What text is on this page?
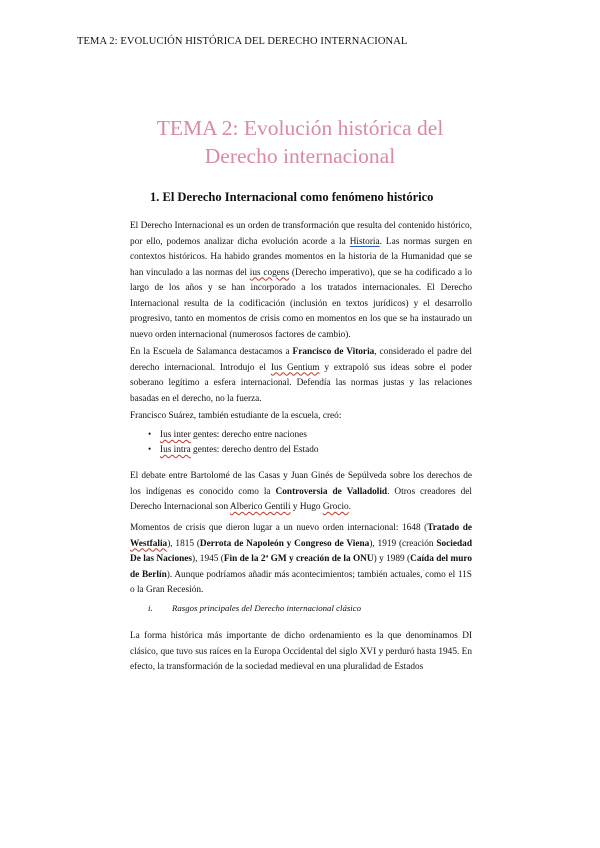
TEMA 2: EVOLUCIÓN HISTÓRICA DEL DERECHO INTERNACIONAL
TEMA 2: Evolución histórica del
Derecho internacional
1. El Derecho Internacional como fenómeno histórico
El Derecho Internacional es un orden de transformación que resulta del contenido histórico, por ello, podemos analizar dicha evolución acorde a la Historia. Las normas surgen en contextos históricos. Ha habido grandes momentos en la historia de la Humanidad que se han vinculado a las normas del ius cogens (Derecho imperativo), que se ha codificado a lo largo de los años y se han incorporado a los tratados internacionales. El Derecho Internacional resulta de la codificación (inclusión en textos jurídicos) y el desarrollo progresivo, tanto en momentos de crisis como en momentos en los que se ha instaurado un nuevo orden internacional (numerosos factores de cambio).
En la Escuela de Salamanca destacamos a Francisco de Vitoria, considerado el padre del derecho internacional. Introdujo el Ius Gentium y extrapoló sus ideas sobre el poder soberano legítimo a esfera internacional. Defendía las normas justas y las relaciones basadas en el derecho, no la fuerza.
Francisco Suárez, también estudiante de la escuela, creó:
• Ius inter gentes: derecho entre naciones
• Ius intra gentes: derecho dentro del Estado
El debate entre Bartolomé de las Casas y Juan Ginés de Sepúlveda sobre los derechos de los indígenas es conocido como la Controversia de Valladolid. Otros creadores del Derecho Internacional son Alberico Gentili y Hugo Grocio.
Momentos de crisis que dieron lugar a un nuevo orden internacional: 1648 (Tratado de Westfalia), 1815 (Derrota de Napoleón y Congreso de Viena), 1919 (creación Sociedad De las Naciones), 1945 (Fin de la 2ª GM y creación de la ONU) y 1989 (Caída del muro de Berlín). Aunque podríamos añadir más acontecimientos; también actuales, como el 11S o la Gran Recesión.
i. Rasgos principales del Derecho internacional clásico
La forma histórica más importante de dicho ordenamiento es la que denominamos DI clásico, que tuvo sus raíces en la Europa Occidental del siglo XVI y perduró hasta 1945. En efecto, la transformación de la sociedad medieval en una pluralidad de Estados
